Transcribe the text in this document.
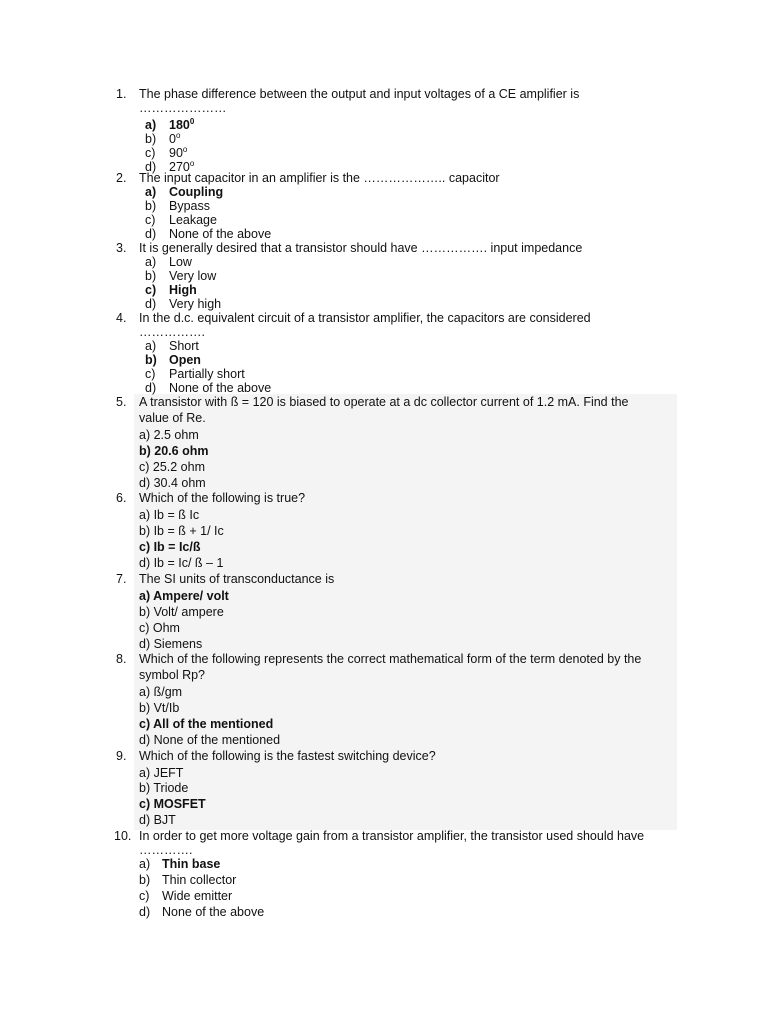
1. The phase difference between the output and input voltages of a CE amplifier is
…………………
a) $180^0$
b) 0$^o$
c) 90$^o$
d) 270$^o$
2. The input capacitor in an amplifier is the ……………….. capacitor
a) Coupling
b) Bypass
c) Leakage
d) None of the above
3. It is generally desired that a transistor should have ……………. input impedance
a) Low
b) Very low
c) High
d) Very high
4. In the d.c. equivalent circuit of a transistor amplifier, the capacitors are considered
…………….
a) Short
b) Open
c) Partially short
d) None of the above
5. A transistor with ß = 120 is biased to operate at a dc collector current of 1.2 mA. Find the
value of Re.
a) 2.5 ohm
b) 20.6 ohm
c) 25.2 ohm
d) 30.4 ohm
6. Which of the following is true?
a) Ib = ß Ic
b) Ib = ß + 1/ Ic
c) Ib = Ic/ß
d) Ib = Ic/ ß – 1
7. The SI units of transconductance is
a) Ampere/ volt
b) Volt/ ampere
c) Ohm
d) Siemens
8. Which of the following represents the correct mathematical form of the term denoted by the
symbol Rp?
a) ß/gm
b) Vt/Ib
c) All of the mentioned
d) None of the mentioned
9. Which of the following is the fastest switching device?
a) JEFT
b) Triode
c) MOSFET
d) BJT
10. In order to get more voltage gain from a transistor amplifier, the transistor used should have
………….
a) Thin base
b) Thin collector
c) Wide emitter
d) None of the above
